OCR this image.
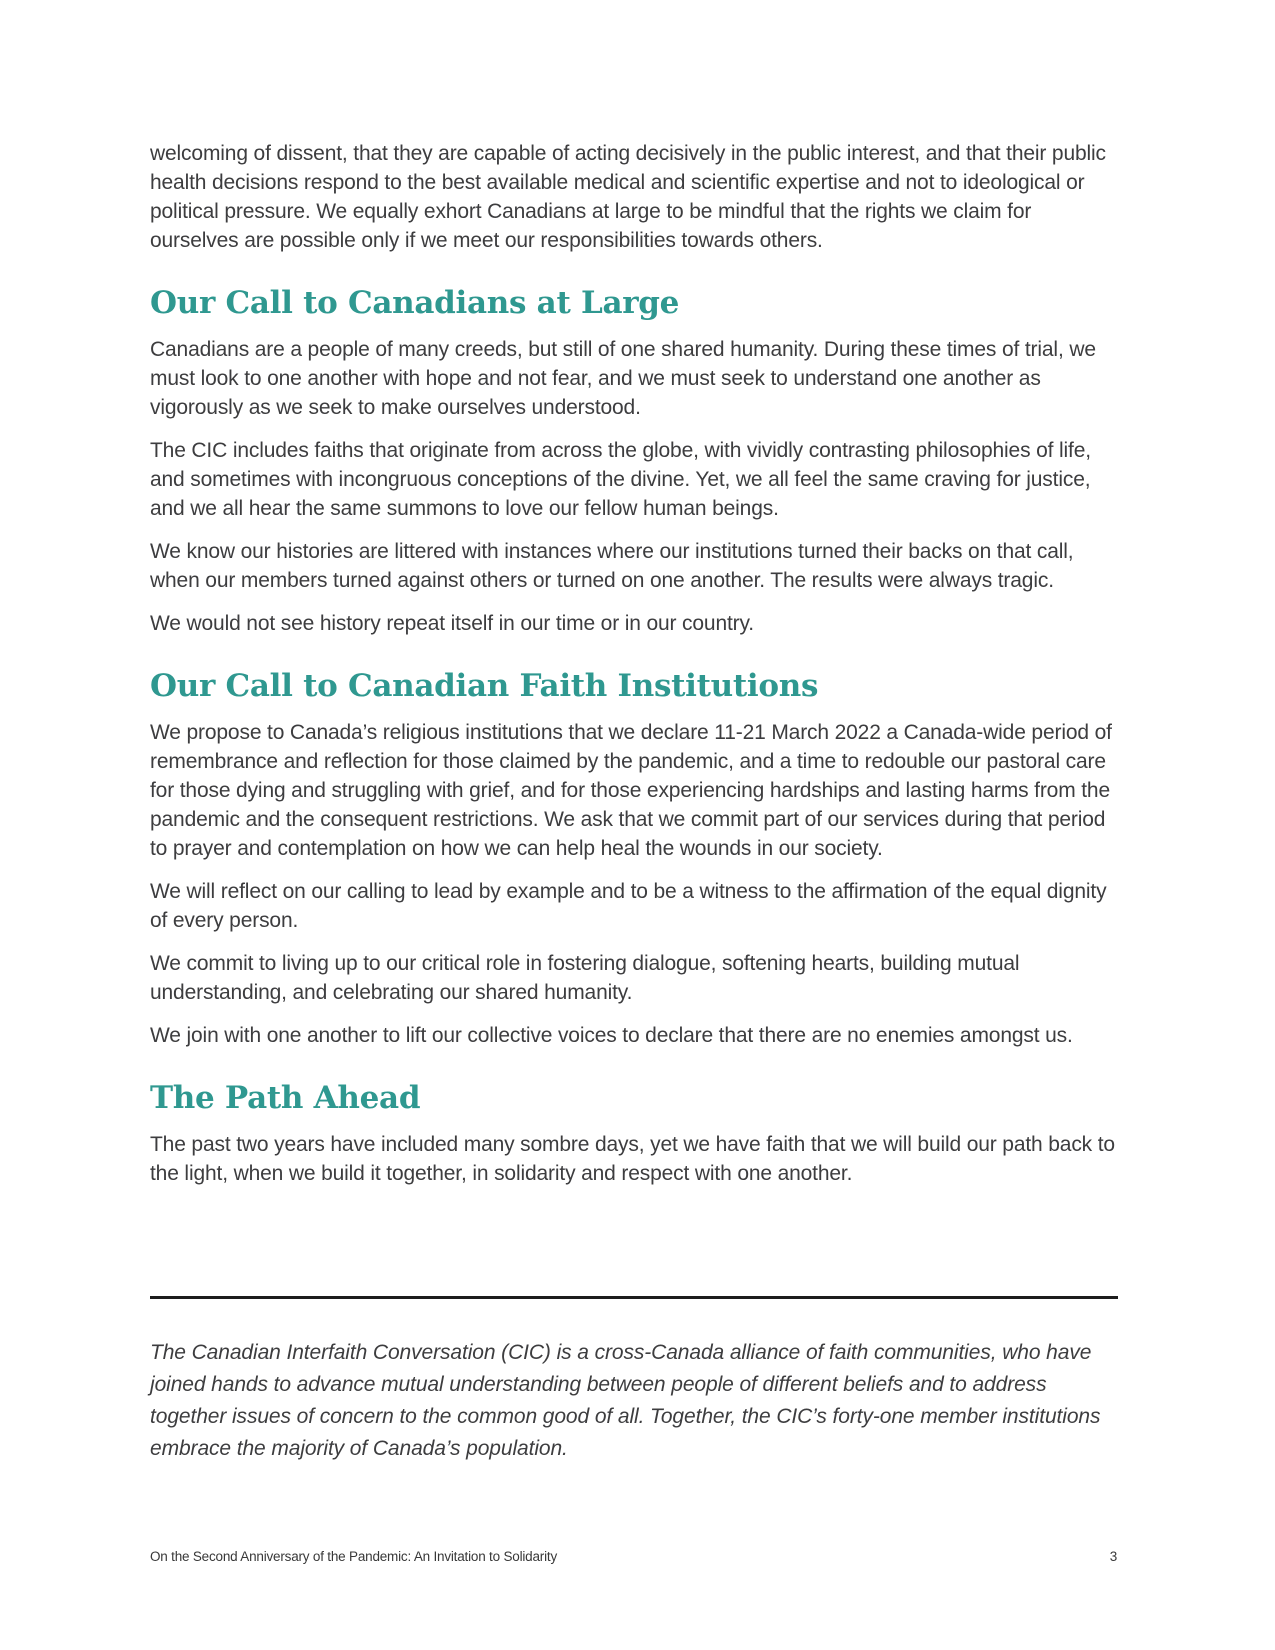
welcoming of dissent, that they are capable of acting decisively in the public interest, and that their public health decisions respond to the best available medical and scientific expertise and not to ideological or political pressure. We equally exhort Canadians at large to be mindful that the rights we claim for ourselves are possible only if we meet our responsibilities towards others.

Our Call to Canadians at Large

Canadians are a people of many creeds, but still of one shared humanity. During these times of trial, we must look to one another with hope and not fear, and we must seek to understand one another as vigorously as we seek to make ourselves understood.

The CIC includes faiths that originate from across the globe, with vividly contrasting philosophies of life, and sometimes with incongruous conceptions of the divine. Yet, we all feel the same craving for justice, and we all hear the same summons to love our fellow human beings.

We know our histories are littered with instances where our institutions turned their backs on that call, when our members turned against others or turned on one another. The results were always tragic.

We would not see history repeat itself in our time or in our country.

Our Call to Canadian Faith Institutions

We propose to Canada’s religious institutions that we declare 11-21 March 2022 a Canada-wide period of remembrance and reflection for those claimed by the pandemic, and a time to redouble our pastoral care for those dying and struggling with grief, and for those experiencing hardships and lasting harms from the pandemic and the consequent restrictions. We ask that we commit part of our services during that period to prayer and contemplation on how we can help heal the wounds in our society.

We will reflect on our calling to lead by example and to be a witness to the affirmation of the equal dignity of every person.

We commit to living up to our critical role in fostering dialogue, softening hearts, building mutual understanding, and celebrating our shared humanity.

We join with one another to lift our collective voices to declare that there are no enemies amongst us.

The Path Ahead

The past two years have included many sombre days, yet we have faith that we will build our path back to the light, when we build it together, in solidarity and respect with one another.

The Canadian Interfaith Conversation (CIC) is a cross-Canada alliance of faith communities, who have joined hands to advance mutual understanding between people of different beliefs and to address together issues of concern to the common good of all. Together, the CIC’s forty-one member institutions embrace the majority of Canada’s population.

On the Second Anniversary of the Pandemic: An Invitation to Solidarity	3
